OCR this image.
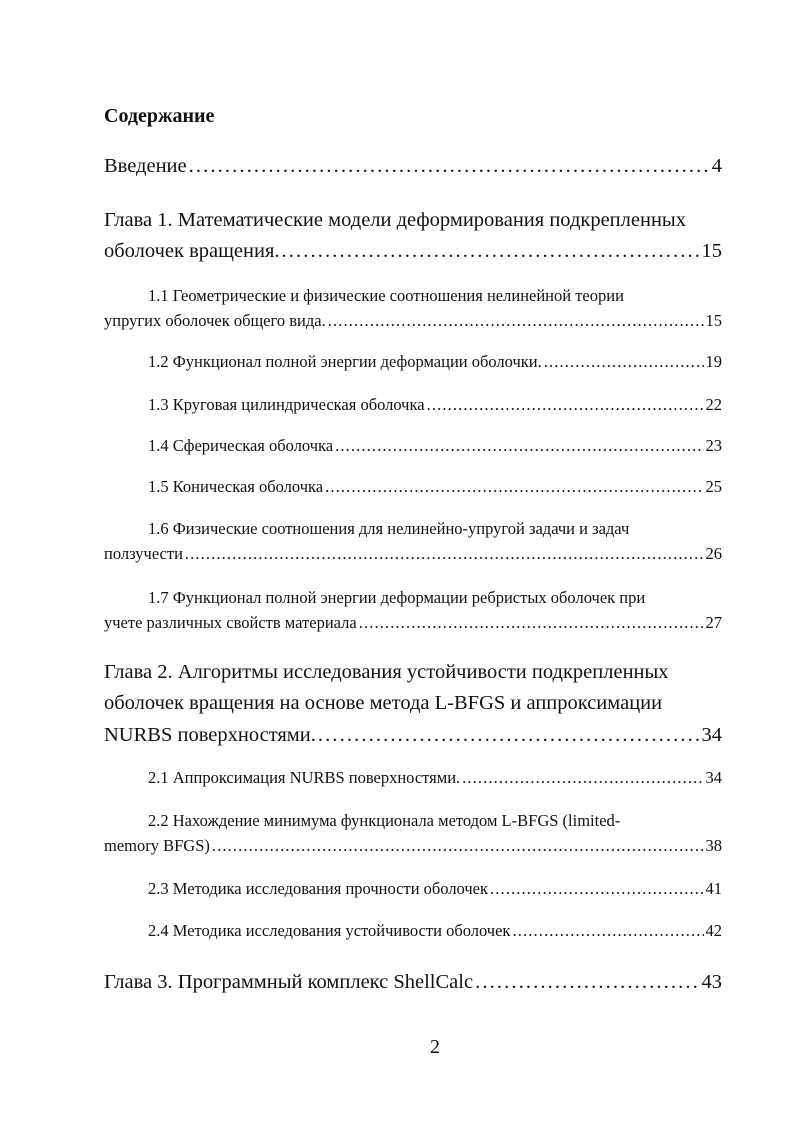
Содержание
Введение . . .	4
Глава 1. Математические модели деформирования подкрепленных
оболочек вращения. . . .	15
1.1 Геометрические и физические соотношения нелинейной теории
упругих оболочек общего вида. . . .	15
1.2 Функционал полной энергии деформации оболочки. . . .	19
1.3 Круговая цилиндрическая оболочка . . .	22
1.4 Сферическая оболочка . . .	23
1.5 Коническая оболочка . . .	25
1.6 Физические соотношения для нелинейно-упругой задачи и задач
ползучести . . .	26
1.7 Функционал полной энергии деформации ребристых оболочек при
учете различных свойств материала . . .	27
Глава 2. Алгоритмы исследования устойчивости подкрепленных
оболочек вращения на основе метода L-BFGS и аппроксимации
NURBS поверхностями. . . .	34
2.1 Аппроксимация NURBS поверхностями. . . .	34
2.2 Нахождение минимума функционала методом L-BFGS (limited-
memory BFGS) . . .	38
2.3 Методика исследования прочности оболочек . . .	41
2.4 Методика исследования устойчивости оболочек . . .	42
Глава 3. Программный комплекс ShellCalc . . .	43
2
